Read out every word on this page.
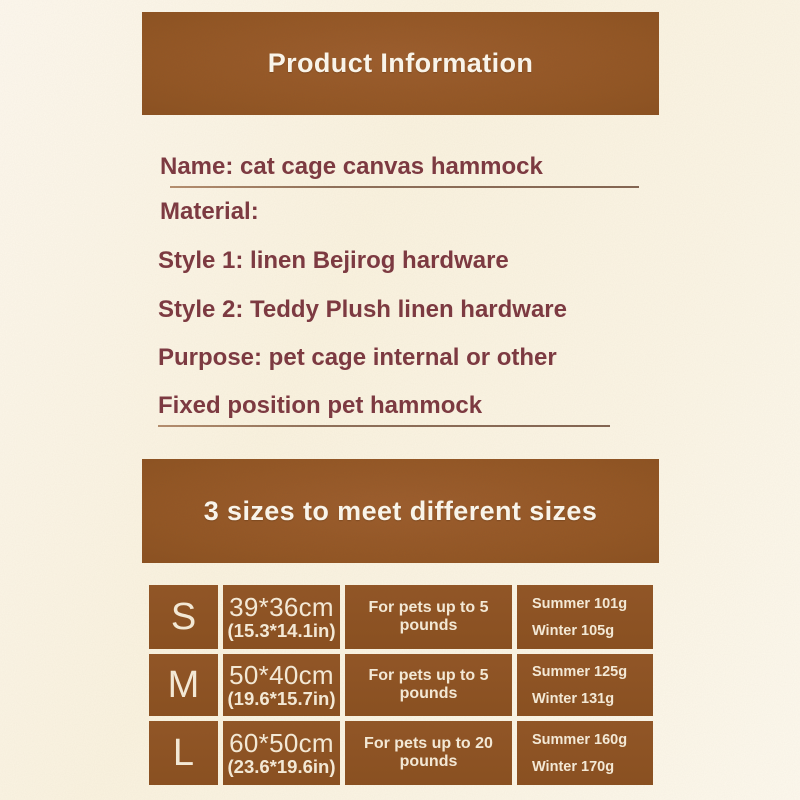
Product Information

Name: cat cage canvas hammock

Material:

Style 1: linen Bejirog hardware

Style 2: Teddy Plush linen hardware

Purpose: pet cage internal or other

Fixed position pet hammock

3 sizes to meet different sizes
S	39*36cm
(15.3*14.1in)
For pets up to 5 pounds
Summer 101g
Winter 105g
M	50*40cm
(19.6*15.7in)
For pets up to 5 pounds
Summer 125g
Winter 131g
L	60*50cm
(23.6*19.6in)
For pets up to 20 pounds
Summer 160g
Winter 170g
